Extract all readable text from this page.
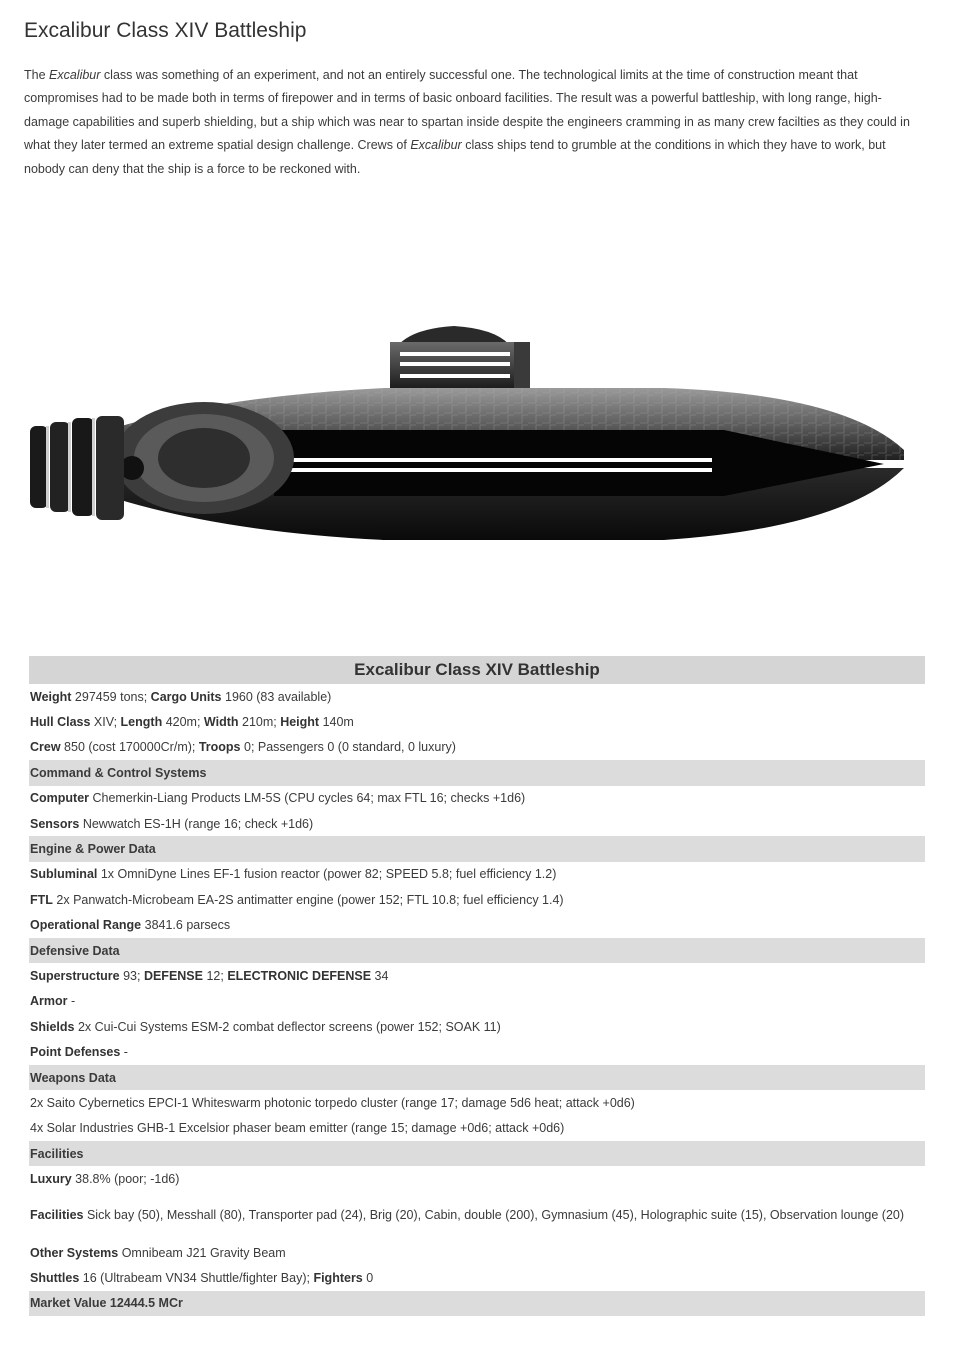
Excalibur Class XIV Battleship

The Excalibur class was something of an experiment, and not an entirely successful one. The technological limits at the time of construction meant that compromises had to be made both in terms of firepower and in terms of basic onboard facilities. The result was a powerful battleship, with long range, high-damage capabilities and superb shielding, but a ship which was near to spartan inside despite the engineers cramming in as many crew facilties as they could in what they later termed an extreme spatial design challenge. Crews of Excalibur class ships tend to grumble at the conditions in which they have to work, but nobody can deny that the ship is a force to be reckoned with.

Excalibur Class XIV Battleship
Weight 297459 tons; Cargo Units 1960 (83 available)
Hull Class XIV; Length 420m; Width 210m; Height 140m
Crew 850 (cost 170000Cr/m); Troops 0; Passengers 0 (0 standard, 0 luxury)
Command & Control Systems
Computer Chemerkin-Liang Products LM-5S (CPU cycles 64; max FTL 16; checks +1d6)
Sensors Newwatch ES-1H (range 16; check +1d6)
Engine & Power Data
Subluminal 1x OmniDyne Lines EF-1 fusion reactor (power 82; SPEED 5.8; fuel efficiency 1.2)
FTL 2x Panwatch-Microbeam EA-2S antimatter engine (power 152; FTL 10.8; fuel efficiency 1.4)
Operational Range 3841.6 parsecs
Defensive Data
Superstructure 93; DEFENSE 12; ELECTRONIC DEFENSE 34
Armor -
Shields 2x Cui-Cui Systems ESM-2 combat deflector screens (power 152; SOAK 11)
Point Defenses -
Weapons Data
2x Saito Cybernetics EPCI-1 Whiteswarm photonic torpedo cluster (range 17; damage 5d6 heat; attack +0d6)
4x Solar Industries GHB-1 Excelsior phaser beam emitter (range 15; damage +0d6; attack +0d6)
Facilities
Luxury 38.8% (poor; -1d6)
Facilities Sick bay (50), Messhall (80), Transporter pad (24), Brig (20), Cabin, double (200), Gymnasium (45), Holographic suite (15), Observation lounge (20)
Other Systems Omnibeam J21 Gravity Beam
Shuttles 16 (Ultrabeam VN34 Shuttle/fighter Bay); Fighters 0
Market Value 12444.5 MCr
